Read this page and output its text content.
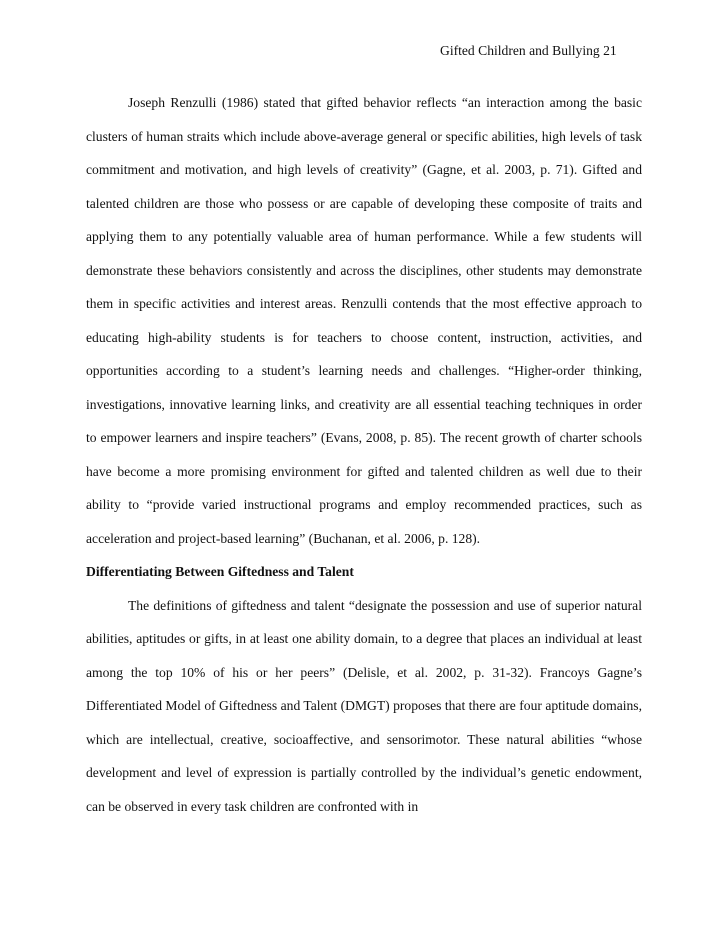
Gifted Children and Bullying 21

Joseph Renzulli (1986) stated that gifted behavior reflects “an interaction among the basic clusters of human straits which include above-average general or specific abilities, high levels of task commitment and motivation, and high levels of creativity” (Gagne, et al. 2003, p. 71). Gifted and talented children are those who possess or are capable of developing these composite of traits and applying them to any potentially valuable area of human performance. While a few students will demonstrate these behaviors consistently and across the disciplines, other students may demonstrate them in specific activities and interest areas. Renzulli contends that the most effective approach to educating high-ability students is for teachers to choose content, instruction, activities, and opportunities according to a student’s learning needs and challenges. “Higher-order thinking, investigations, innovative learning links, and creativity are all essential teaching techniques in order to empower learners and inspire teachers” (Evans, 2008, p. 85). The recent growth of charter schools have become a more promising environment for gifted and talented children as well due to their ability to “provide varied instructional programs and employ recommended practices, such as acceleration and project-based learning” (Buchanan, et al. 2006, p. 128).

Differentiating Between Giftedness and Talent

The definitions of giftedness and talent “designate the possession and use of superior natural abilities, aptitudes or gifts, in at least one ability domain, to a degree that places an individual at least among the top 10% of his or her peers” (Delisle, et al. 2002, p. 31-32). Francoys Gagne’s Differentiated Model of Giftedness and Talent (DMGT) proposes that there are four aptitude domains, which are intellectual, creative, socioaffective, and sensorimotor. These natural abilities “whose development and level of expression is partially controlled by the individual’s genetic endowment, can be observed in every task children are confronted with in
